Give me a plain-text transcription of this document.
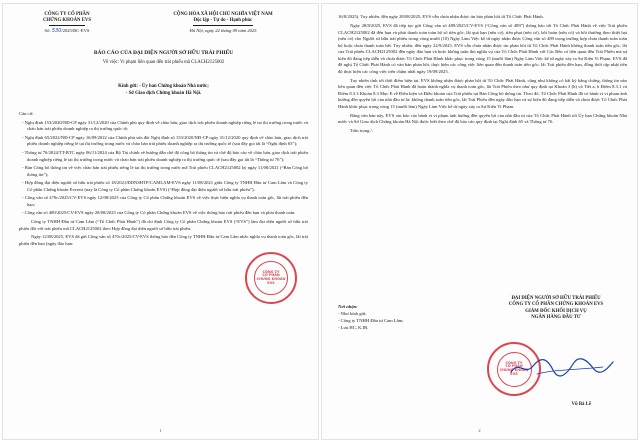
CÔNG TY CỔ PHẦN
CHỨNG KHOÁN EVS
CỘNG HÒA XÃ HỘI CHỦ NGHĨA VIỆT NAM
Độc lập - Tự do - Hạnh phúc
Số: 530/2025/BC-EVS	Hà Nội, ngày 22 tháng 09 năm 2025
BÁO CÁO CỦA ĐẠI DIỆN NGƯỜI SỞ HỮU TRÁI PHIẾU
Về việc: Vi phạm liên quan đến trái phiếu mã CLACH2125002
Kính gửi: - Ủy ban Chứng khoán Nhà nước;
- Sở Giao dịch Chứng khoán Hà Nội.
Căn cứ:
- Nghị định 153/2020/NĐ-CP ngày 31/12/2020 của Chính phủ quy định về chào bán, giao dịch trái phiếu doanh nghiệp riêng lẻ tại thị trường trong nước và chào bán trái phiếu doanh nghiệp ra thị trường quốc tế;
- Nghị định 65/2022/NĐ-CP ngày 16/09/2022 của Chính phủ sửa đổi Nghị định số 153/2020/NĐ-CP ngày 31/12/2020 quy định về chào bán, giao dịch trái phiếu doanh nghiệp riêng lẻ tại thị trường trong nước và chào bán trái phiếu doanh nghiệp ra thị trường quốc tế (sau đây gọi tắt là “Nghị định 65”);
- Thông tư 76/2024/TT-BTC ngày 06/11/2024 của Bộ Tài chính về hướng dẫn chế độ công bố thông tin và chế độ báo cáo về chào bán, giao dịch trái phiếu doanh nghiệp riêng lẻ tại thị trường trong nước và chào bán trái phiếu doanh nghiệp ra thị trường quốc tế (sau đây gọi tắt là “Thông tư 76”);
- Bản Công bố thông tin về việc chào bán trái phiếu riêng lẻ tại thị trường trong nước mã Trái phiếu CLACH2125002 ký ngày 11/08/2021 (“Bản Công bố thông tin”);
- Hợp đồng đại diện người sở hữu trái phiếu số 18/2021/ĐDNSHTP/CAMLAM-EVS ngày 11/08/2021 giữa Công ty TNHH Đầu tư Cam Lâm và Công ty Cổ phần Chứng khoán Everest (nay là Công ty Cổ phần Chứng khoán EVS) (“Hợp đồng đại diện người sở hữu trái phiếu”);
- Công văn số 470c/2025/CV-EVS ngày 12/08/2025 của Công ty Cổ phần Chứng khoán EVS về việc thực hiện nghĩa vụ thanh toán gốc, lãi trái phiếu đến hạn;
- Công văn số 489/2025/CV-EVS ngày 28/08/2025 của Công ty Cổ phần Chứng khoán EVS về việc thông báo trái phiếu đến hạn và phải thanh toán.
Công ty TNHH Đầu tư Cam Lâm (“Tổ Chức Phát Hành”) đã chỉ định Công ty Cổ phần Chứng khoán EVS (“EVS”) làm đại diện người sở hữu trái phiếu đối với trái phiếu mã CLACH2125002 theo Hợp đồng đại diện người sở hữu trái phiếu.
Ngày 12/08/2025, EVS đã gửi Công văn số 470c/2025/CV-EVS thông báo đến Công ty TNHH Đầu tư Cam Lâm nhắc nghĩa vụ thanh toán gốc, lãi trái phiếu đến hạn (ngày đáo hạn:
CÔNG TY
CỔ PHẦN
CHỨNG KHOÁN
EVS
1
16/8/2025). Tuy nhiên, đến ngày 28/08/2025, EVS vẫn chưa nhận được tin báo phản hồi từ Tổ Chức Phát Hành.
Ngày 28/8/2025, EVS đã tiếp tục gửi Công văn số 489/2025/CV-EVS (“Công văn số 489”) thông báo tới Tổ Chức Phát Hành về việc Trái phiếu CLACH2125002 đã đến hạn và phải thanh toán toàn bộ số tiền gốc, lãi quá hạn (nếu có), tiền phạt (nếu có), bồi hoàn (nếu có) và bồi thường theo thiệt hại (nếu có) cho Người sở hữu trái phiếu trong vòng mười (10) Ngày Làm Việc kể từ ngày nhận được Công văn số 489 trong trường hợp chưa thanh toán toàn bộ hoặc chưa thanh toán hết. Tuy nhiên, đến ngày 22/9/2025, EVS vẫn chưa nhận được tin phản hồi từ Tổ Chức Phát Hành không thanh toán tiền gốc, lãi của Trái phiếu CLACH2125002 đến ngày đáo hạn và hoặc không tuân thủ nghĩa vụ của Tổ Chức Phát Hành với Các Bên có liên quan đến Trái Phiếu mà sự kiện đó đang tiếp diễn và chưa được Tổ Chức Phát Hành khắc phục trong vòng 15 (mười lăm) Ngày Làm Việc kể từ ngày xảy ra Sự Kiện Vi Phạm. EVS đã đề nghị Tổ Chức Phát Hành có văn bản phản hồi, thực hiện các công việc liên quan đến thanh toán tiền gốc, lãi Trái phiếu đến hạn, đồng thời cập nhật tiến độ thực hiện các công việc trên chậm nhất ngày 19/09/2025.
Tuy nhiên tính tới thời điểm hiện tại, EVS không nhận được phản hồi từ Tổ Chức Phát Hành, cũng như không có bất kỳ bằng chứng, thông tin nào liên quan đến việc Tổ Chức Phát Hành đã hoàn thành nghĩa vụ thanh toán gốc, lãi Trái Phiếu theo như quy định tại Khoản 3 (b) và Tiết a, b Điểm 8.3.1 và Điểm 8.3.3 Khoản 8.3 Mục E về Điều kiện và Điều khoản của Trái phiếu tại Bản Công bố thông tin. Theo đó, Tổ Chức Phát Hành đã có hành vi vi phạm ảnh hưởng đến quyền lợi của nhà đầu tư là: không thanh toán tiền gốc, lãi Trái Phiếu đến ngày đáo hạn và sự kiện đó đang tiếp diễn và chưa được Tổ Chức Phát Hành khắc phục trong vòng 15 (mười lăm) Ngày Làm Việc kể từ ngày xảy ra Sự Kiện Vi Phạm.
Bằng văn bản này, EVS xin báo cáo hành vi vi phạm ảnh hưởng đến quyền lợi của nhà đầu tư của Tổ Chức Phát Hành tới Ủy ban Chứng khoán Nhà nước và Sở Giao dịch Chứng khoán Hà Nội được biết theo chế độ báo cáo quy định tại Nghị định 65 và Thông tư 76.
Trân trọng./.
Nơi nhận:
- Như kính gửi;
- Công ty TNHH Đầu tư Cam Lâm;
- Lưu HC, K.IB.
ĐẠI DIỆN NGƯỜI SỞ HỮU TRÁI PHIẾU
CÔNG TY CỔ PHẦN CHỨNG KHOÁN EVS
GIÁM ĐỐC KHỐI DỊCH VỤ
NGÂN HÀNG ĐẦU TƯ
CÔNG TY
CỔ PHẦN
CHỨNG KHOÁN
EVS
Vũ Bá Lễ
2
